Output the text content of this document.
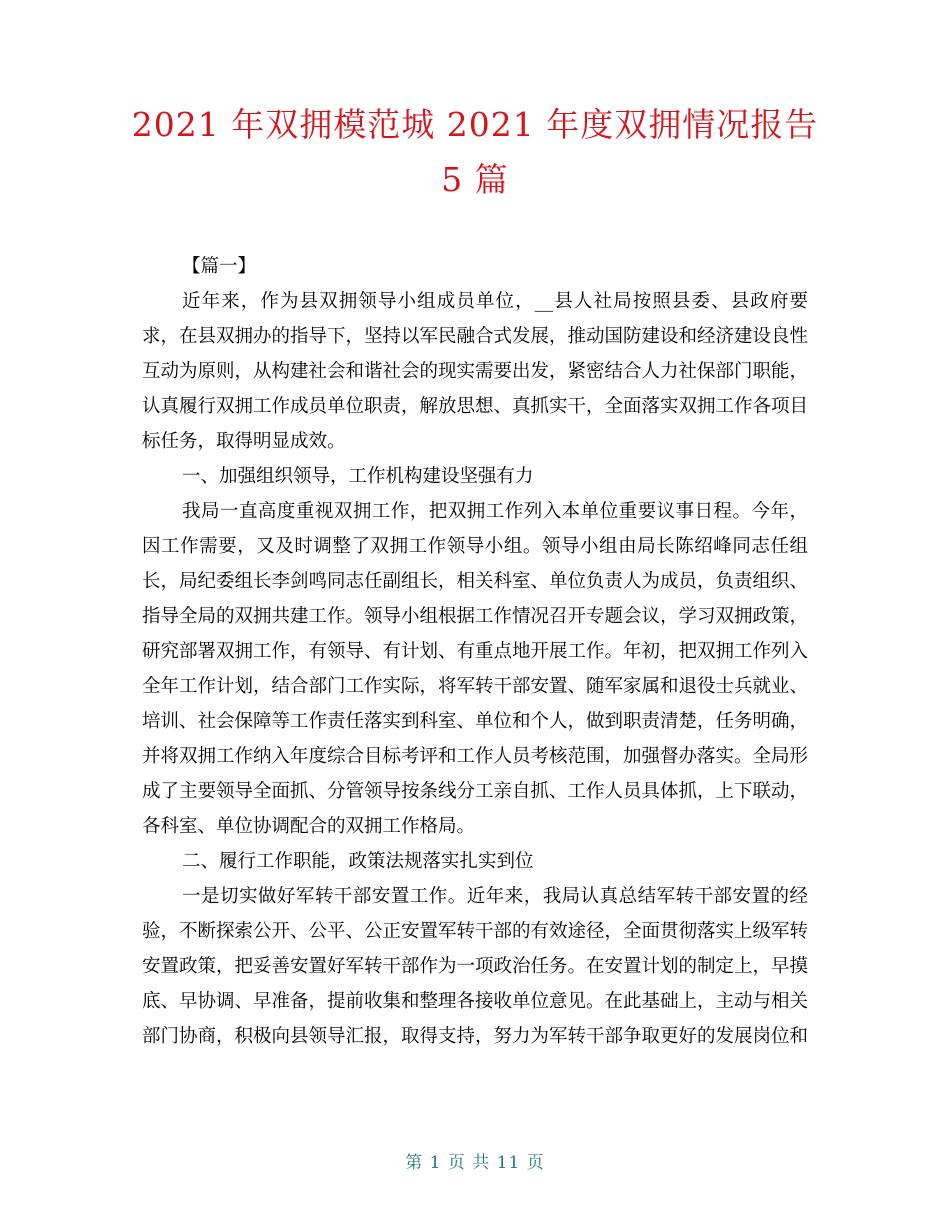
2021 年双拥模范城 2021 年度双拥情况报告
5 篇
【篇一】
近年来，作为县双拥领导小组成员单位，__县人社局按照县委、县政府要
求，在县双拥办的指导下，坚持以军民融合式发展，推动国防建设和经济建设良性
互动为原则，从构建社会和谐社会的现实需要出发，紧密结合人力社保部门职能，
认真履行双拥工作成员单位职责，解放思想、真抓实干，全面落实双拥工作各项目
标任务，取得明显成效。
一、加强组织领导，工作机构建设坚强有力
我局一直高度重视双拥工作，把双拥工作列入本单位重要议事日程。今年，
因工作需要，又及时调整了双拥工作领导小组。领导小组由局长陈绍峰同志任组
长，局纪委组长李剑鸣同志任副组长，相关科室、单位负责人为成员，负责组织、
指导全局的双拥共建工作。领导小组根据工作情况召开专题会议，学习双拥政策，
研究部署双拥工作，有领导、有计划、有重点地开展工作。年初，把双拥工作列入
全年工作计划，结合部门工作实际，将军转干部安置、随军家属和退役士兵就业、
培训、社会保障等工作责任落实到科室、单位和个人，做到职责清楚，任务明确，
并将双拥工作纳入年度综合目标考评和工作人员考核范围，加强督办落实。全局形
成了主要领导全面抓、分管领导按条线分工亲自抓、工作人员具体抓，上下联动，
各科室、单位协调配合的双拥工作格局。
二、履行工作职能，政策法规落实扎实到位
一是切实做好军转干部安置工作。近年来，我局认真总结军转干部安置的经
验，不断探索公开、公平、公正安置军转干部的有效途径，全面贯彻落实上级军转
安置政策，把妥善安置好军转干部作为一项政治任务。在安置计划的制定上，早摸
底、早协调、早准备，提前收集和整理各接收单位意见。在此基础上，主动与相关
部门协商，积极向县领导汇报，取得支持，努力为军转干部争取更好的发展岗位和
第 1 页 共 11 页
